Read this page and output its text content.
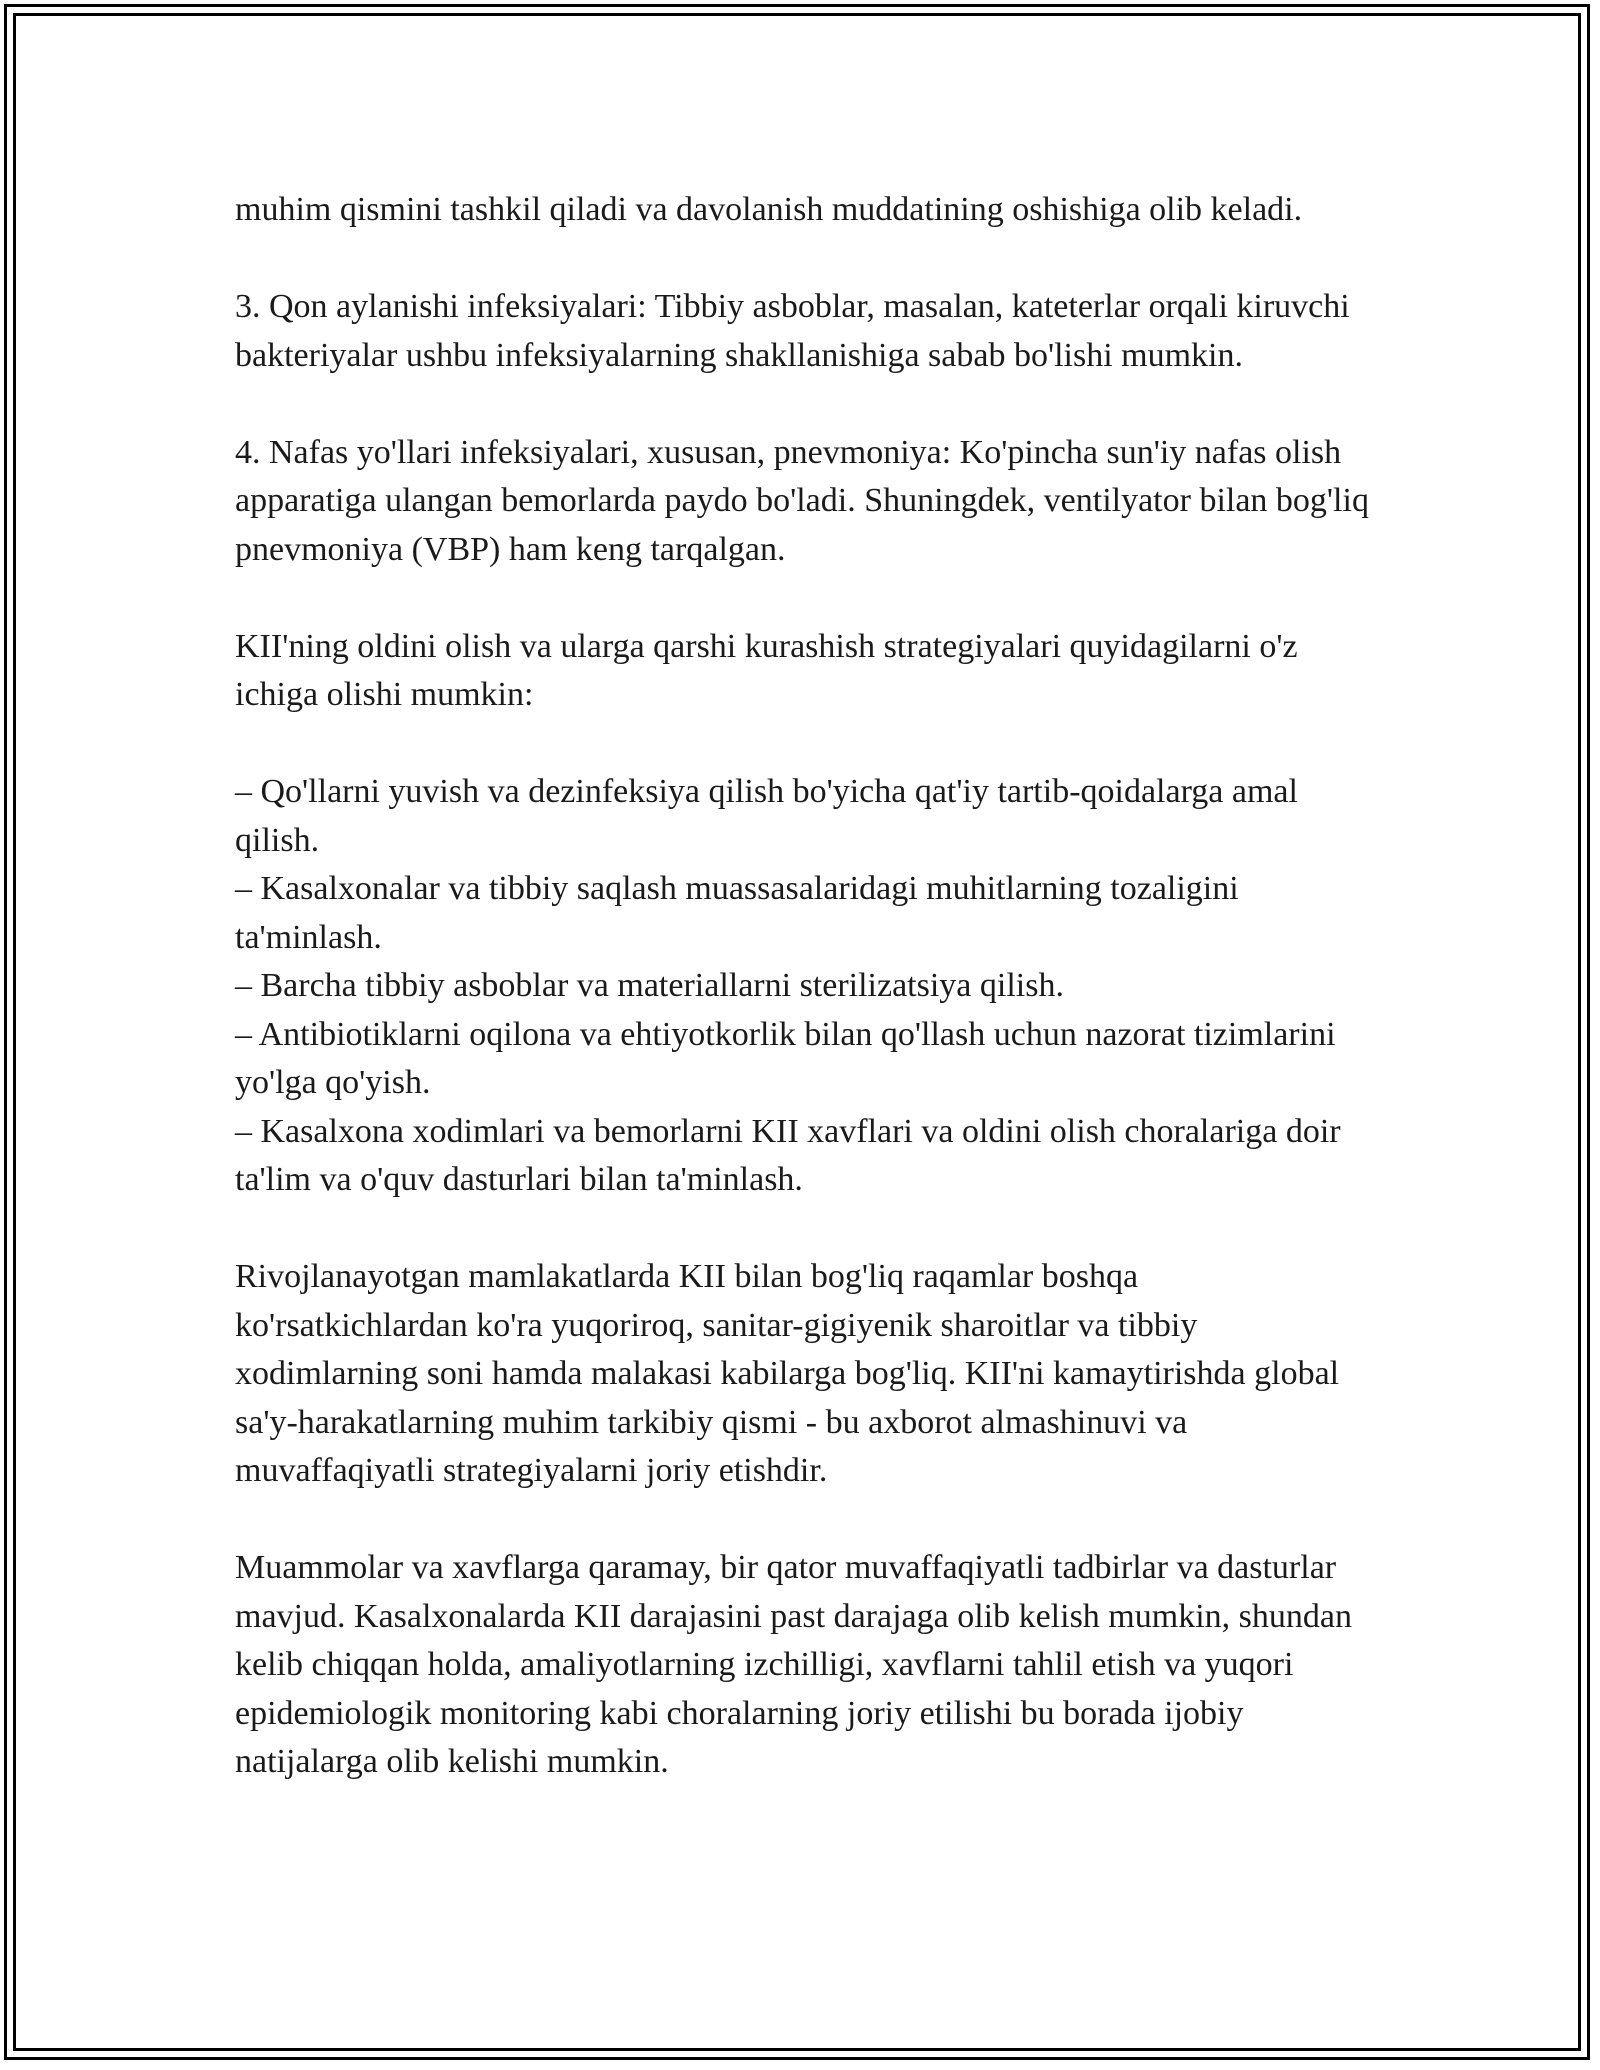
muhim qismini tashkil qiladi va davolanish muddatining oshishiga olib keladi.

3. Qon aylanishi infeksiyalari: Tibbiy asboblar, masalan, kateterlar orqali kiruvchi bakteriyalar ushbu infeksiyalarning shakllanishiga sabab bo'lishi mumkin.

4. Nafas yo'llari infeksiyalari, xususan, pnevmoniya: Ko'pincha sun'iy nafas olish apparatiga ulangan bemorlarda paydo bo'ladi. Shuningdek, ventilyator bilan bog'liq pnevmoniya (VBP) ham keng tarqalgan.

KII'ning oldini olish va ularga qarshi kurashish strategiyalari quyidagilarni o'z ichiga olishi mumkin:

– Qo'llarni yuvish va dezinfeksiya qilish bo'yicha qat'iy tartib-qoidalarga amal qilish.

– Kasalxonalar va tibbiy saqlash muassasalaridagi muhitlarning tozaligini ta'minlash.

– Barcha tibbiy asboblar va materiallarni sterilizatsiya qilish.

– Antibiotiklarni oqilona va ehtiyotkorlik bilan qo'llash uchun nazorat tizimlarini yo'lga qo'yish.

– Kasalxona xodimlari va bemorlarni KII xavflari va oldini olish choralariga doir ta'lim va o'quv dasturlari bilan ta'minlash.

Rivojlanayotgan mamlakatlarda KII bilan bog'liq raqamlar boshqa ko'rsatkichlardan ko'ra yuqoriroq, sanitar-gigiyenik sharoitlar va tibbiy xodimlarning soni hamda malakasi kabilarga bog'liq. KII'ni kamaytirishda global sa'y-harakatlarning muhim tarkibiy qismi - bu axborot almashinuvi va muvaffaqiyatli strategiyalarni joriy etishdir.

Muammolar va xavflarga qaramay, bir qator muvaffaqiyatli tadbirlar va dasturlar mavjud. Kasalxonalarda KII darajasini past darajaga olib kelish mumkin, shundan kelib chiqqan holda, amaliyotlarning izchilligi, xavflarni tahlil etish va yuqori epidemiologik monitoring kabi choralarning joriy etilishi bu borada ijobiy natijalarga olib kelishi mumkin.
